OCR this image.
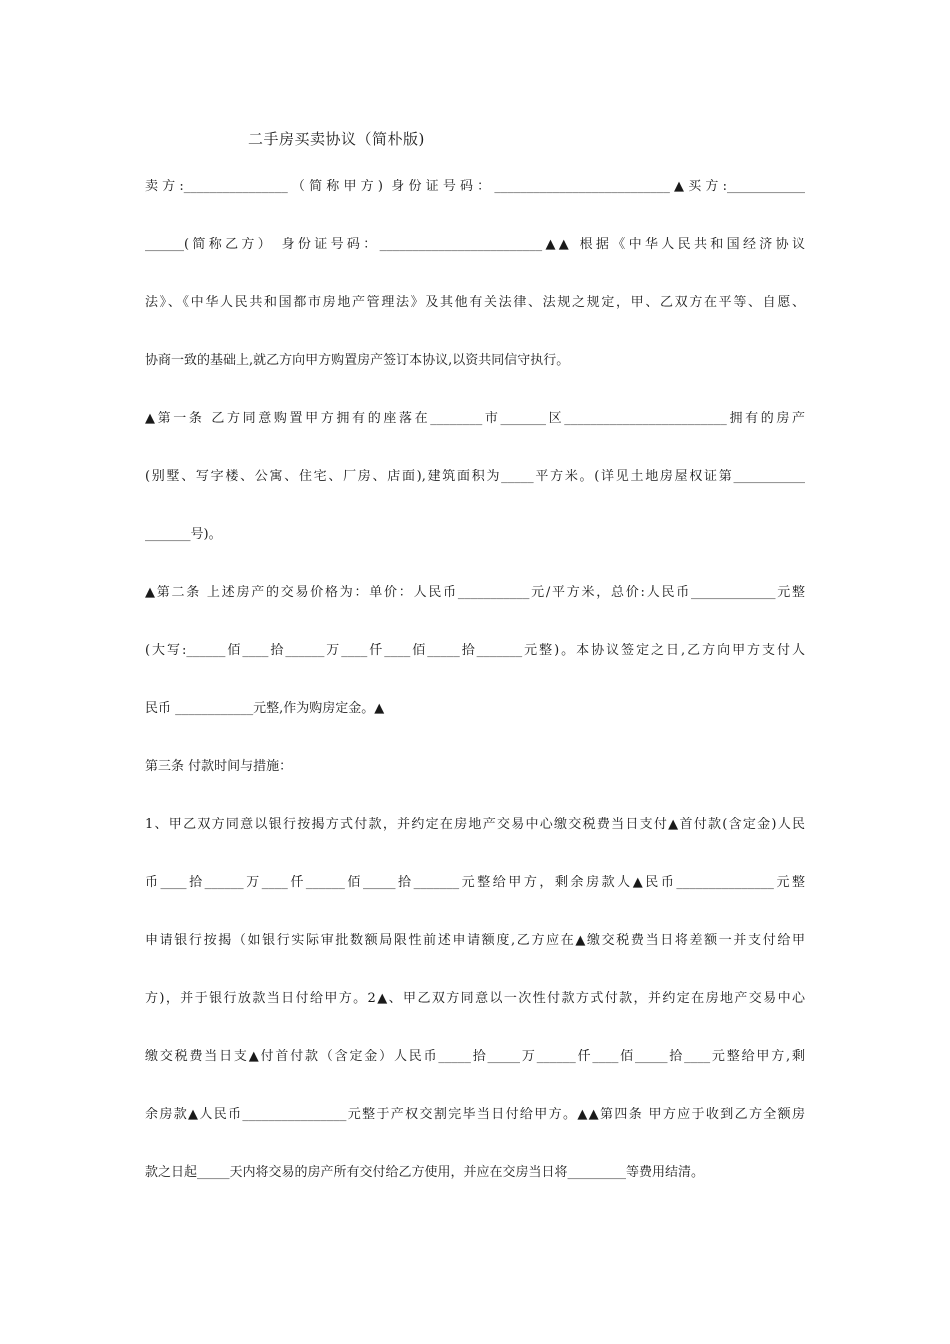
二手房买卖协议（简朴版)
卖方:________________（简称甲方) 身份证号码：___________________________▲买方:____________
______(简称乙方） 身份证号码：_________________________▲▲ 根据《中华人民共和国经济协议
法》、《中华人民共和国都市房地产管理法》及其他有关法律、法规之规定，甲、乙双方在平等、自愿、
协商一致的基础上,就乙方向甲方购置房产签订本协议,以资共同信守执行。
▲第一条 乙方同意购置甲方拥有的座落在________市_______区_________________________拥有的房产
(别墅、写字楼、公寓、住宅、厂房、店面),建筑面积为_____平方米。(详见土地房屋权证第___________
_______号)。
▲第二条 上述房产的交易价格为：单价：人民币___________元/平方米，总价:人民币_____________元整
(大写:______佰____拾______万____仟____佰_____拾_______元整)。本协议签定之日,乙方向甲方支付人
民币 ____________元整,作为购房定金。▲
第三条 付款时间与措施：
1、甲乙双方同意以银行按揭方式付款，并约定在房地产交易中心缴交税费当日支付▲首付款(含定金)人民
币____拾______万____仟______佰_____拾_______元整给甲方，剩余房款人▲民币_______________元整
申请银行按揭（如银行实际审批数额局限性前述申请额度,乙方应在▲缴交税费当日将差额一并支付给甲
方)，并于银行放款当日付给甲方。2▲、甲乙双方同意以一次性付款方式付款，并约定在房地产交易中心
缴交税费当日支▲付首付款（含定金）人民币_____拾_____万______仟____佰_____拾____元整给甲方,剩
余房款▲人民币________________元整于产权交割完毕当日付给甲方。▲▲第四条 甲方应于收到乙方全额房
款之日起_____天内将交易的房产所有交付给乙方使用，并应在交房当日将_________等费用结清。
